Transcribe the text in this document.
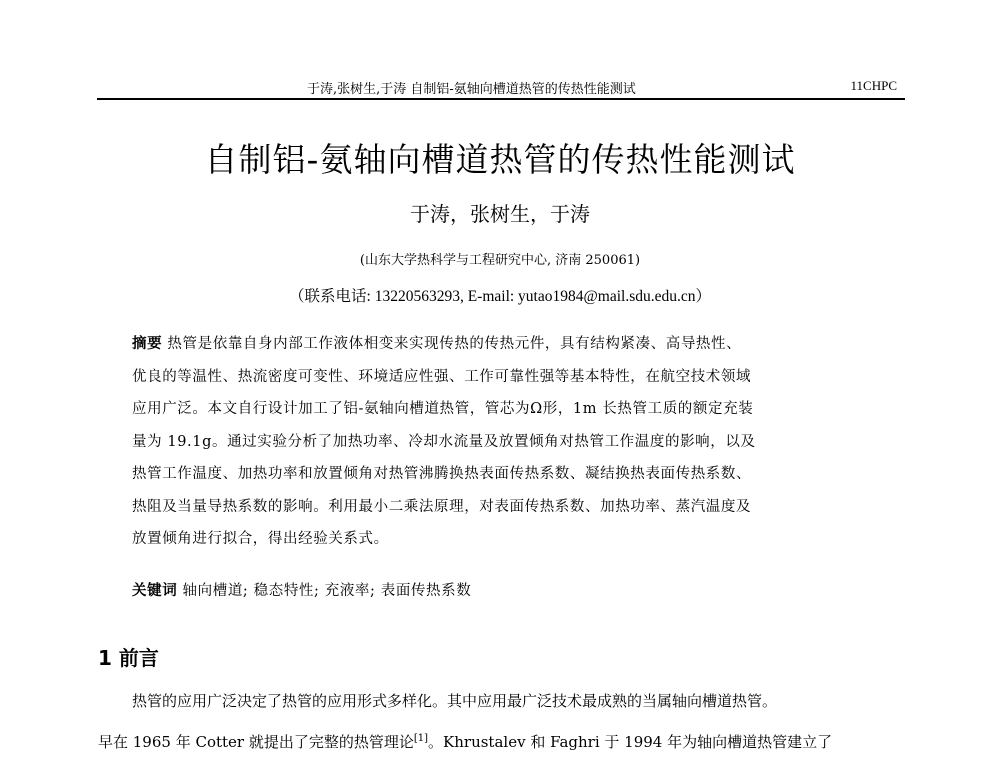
于涛,张树生,于涛 自制铝-氨轴向槽道热管的传热性能测试	11CHPC
自制铝-氨轴向槽道热管的传热性能测试
于涛，张树生，于涛
(山东大学热科学与工程研究中心, 济南 250061)
（联系电话: 13220563293, E-mail: yutao1984@mail.sdu.edu.cn）
摘要 热管是依靠自身内部工作液体相变来实现传热的传热元件，具有结构紧凑、高导热性、
优良的等温性、热流密度可变性、环境适应性强、工作可靠性强等基本特性，在航空技术领域
应用广泛。本文自行设计加工了铝-氨轴向槽道热管，管芯为Ω形，1m 长热管工质的额定充装
量为 19.1g。通过实验分析了加热功率、冷却水流量及放置倾角对热管工作温度的影响，以及
热管工作温度、加热功率和放置倾角对热管沸腾换热表面传热系数、凝结换热表面传热系数、
热阻及当量导热系数的影响。利用最小二乘法原理，对表面传热系数、加热功率、蒸汽温度及
放置倾角进行拟合，得出经验关系式。
关键词 轴向槽道; 稳态特性; 充液率; 表面传热系数
1 前言
热管的应用广泛决定了热管的应用形式多样化。其中应用最广泛技术最成熟的当属轴向槽道热管。
早在 1965 年 Cotter 就提出了完整的热管理论[1]。Khrustalev 和 Faghri 于 1994 年为轴向槽道热管建立了
